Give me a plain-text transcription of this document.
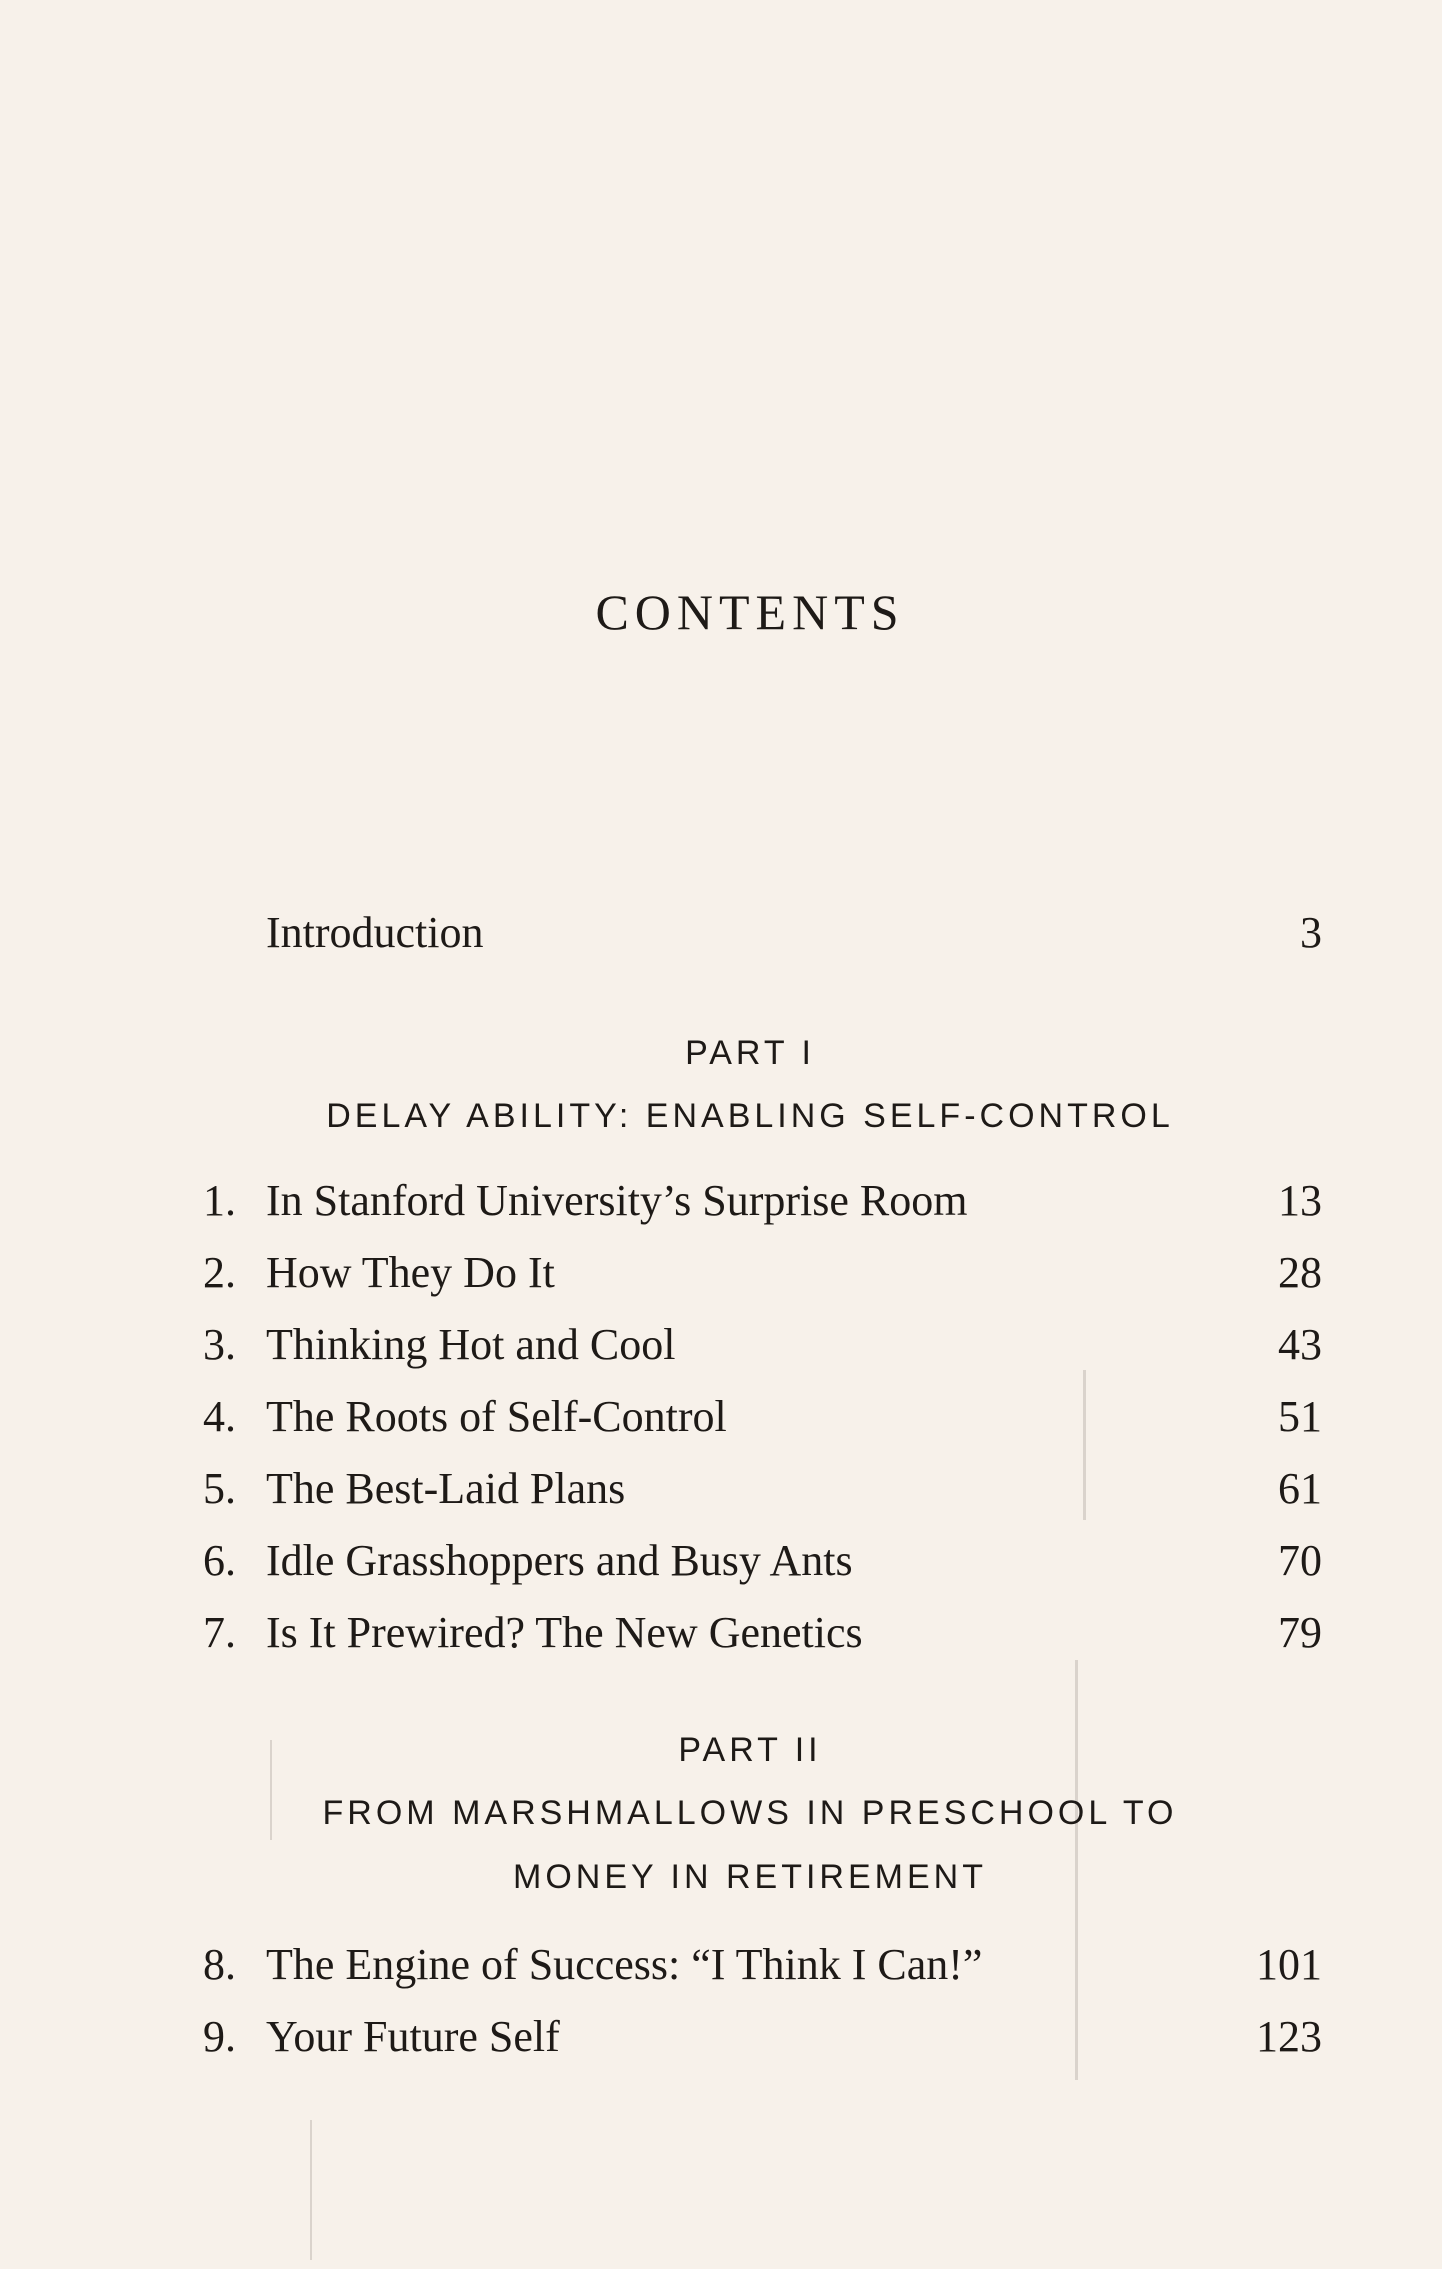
CONTENTS
Introduction	3
PART I
DELAY ABILITY: ENABLING SELF-CONTROL
1. In Stanford University’s Surprise Room	13
2. How They Do It	28
3. Thinking Hot and Cool	43
4. The Roots of Self-Control	51
5. The Best-Laid Plans	61
6. Idle Grasshoppers and Busy Ants	70
7. Is It Prewired? The New Genetics	79
PART II
FROM MARSHMALLOWS IN PRESCHOOL TO
MONEY IN RETIREMENT
8. The Engine of Success: “I Think I Can!”	101
9. Your Future Self	123
